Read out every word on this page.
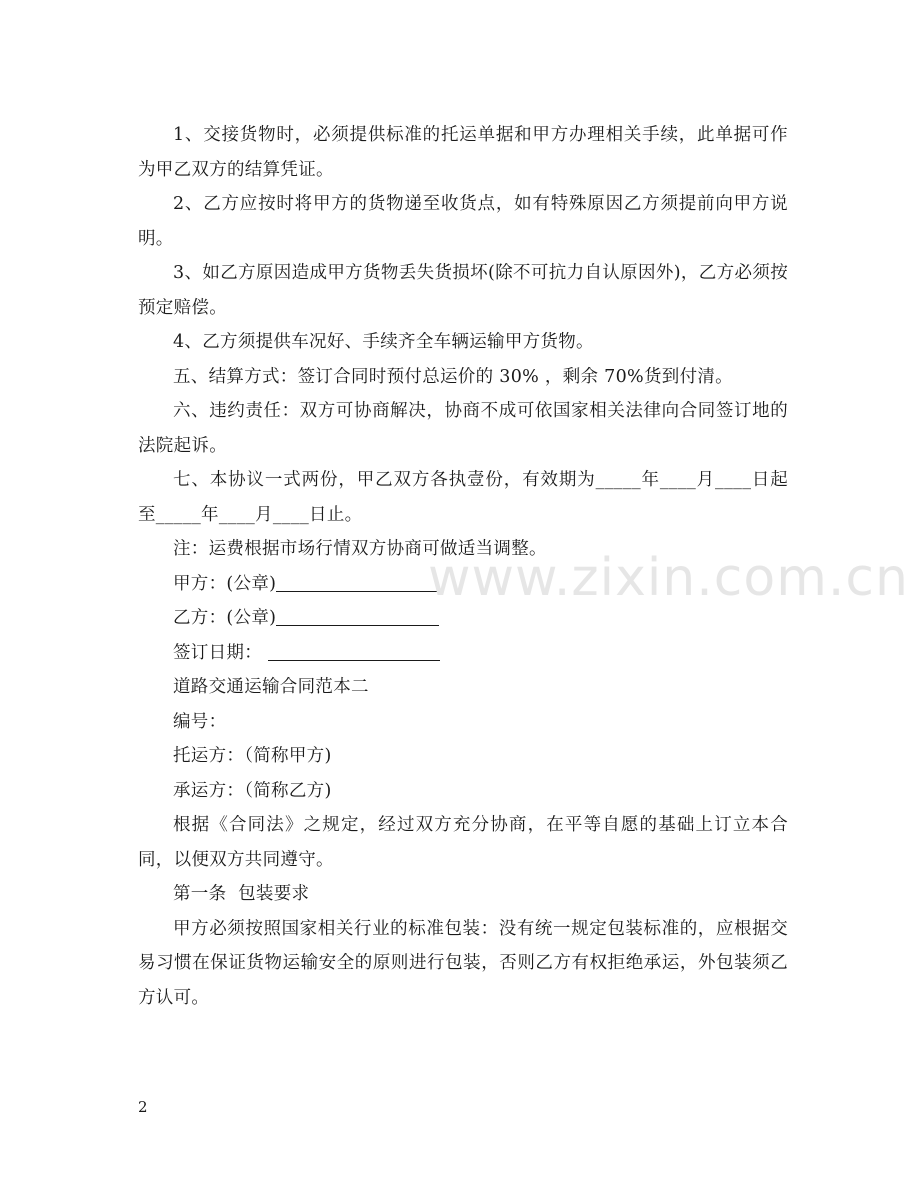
1、交接货物时，必须提供标准的托运单据和甲方办理相关手续，此单据可作为甲乙双方的结算凭证。

2、乙方应按时将甲方的货物递至收货点，如有特殊原因乙方须提前向甲方说明。

3、如乙方原因造成甲方货物丢失货损坏(除不可抗力自认原因外)，乙方必须按预定赔偿。

4、乙方须提供车况好、手续齐全车辆运输甲方货物。

五、结算方式：签订合同时预付总运价的 30% ，剩余 70%货到付清。

六、违约责任：双方可协商解决，协商不成可依国家相关法律向合同签订地的法院起诉。

七、本协议一式两份，甲乙双方各执壹份，有效期为_____年____月____日起至_____年____月____日止。

注：运费根据市场行情双方协商可做适当调整。

甲方：(公章)

乙方：(公章)

签订日期：

道路交通运输合同范本二

编号：

托运方：（简称甲方)

承运方：（简称乙方)

根据《合同法》之规定，经过双方充分协商，在平等自愿的基础上订立本合同，以便双方共同遵守。

第一条  包装要求

甲方必须按照国家相关行业的标准包装：没有统一规定包装标准的，应根据交易习惯在保证货物运输安全的原则进行包装，否则乙方有权拒绝承运，外包装须乙方认可。

www.zixin.com.cn
2
